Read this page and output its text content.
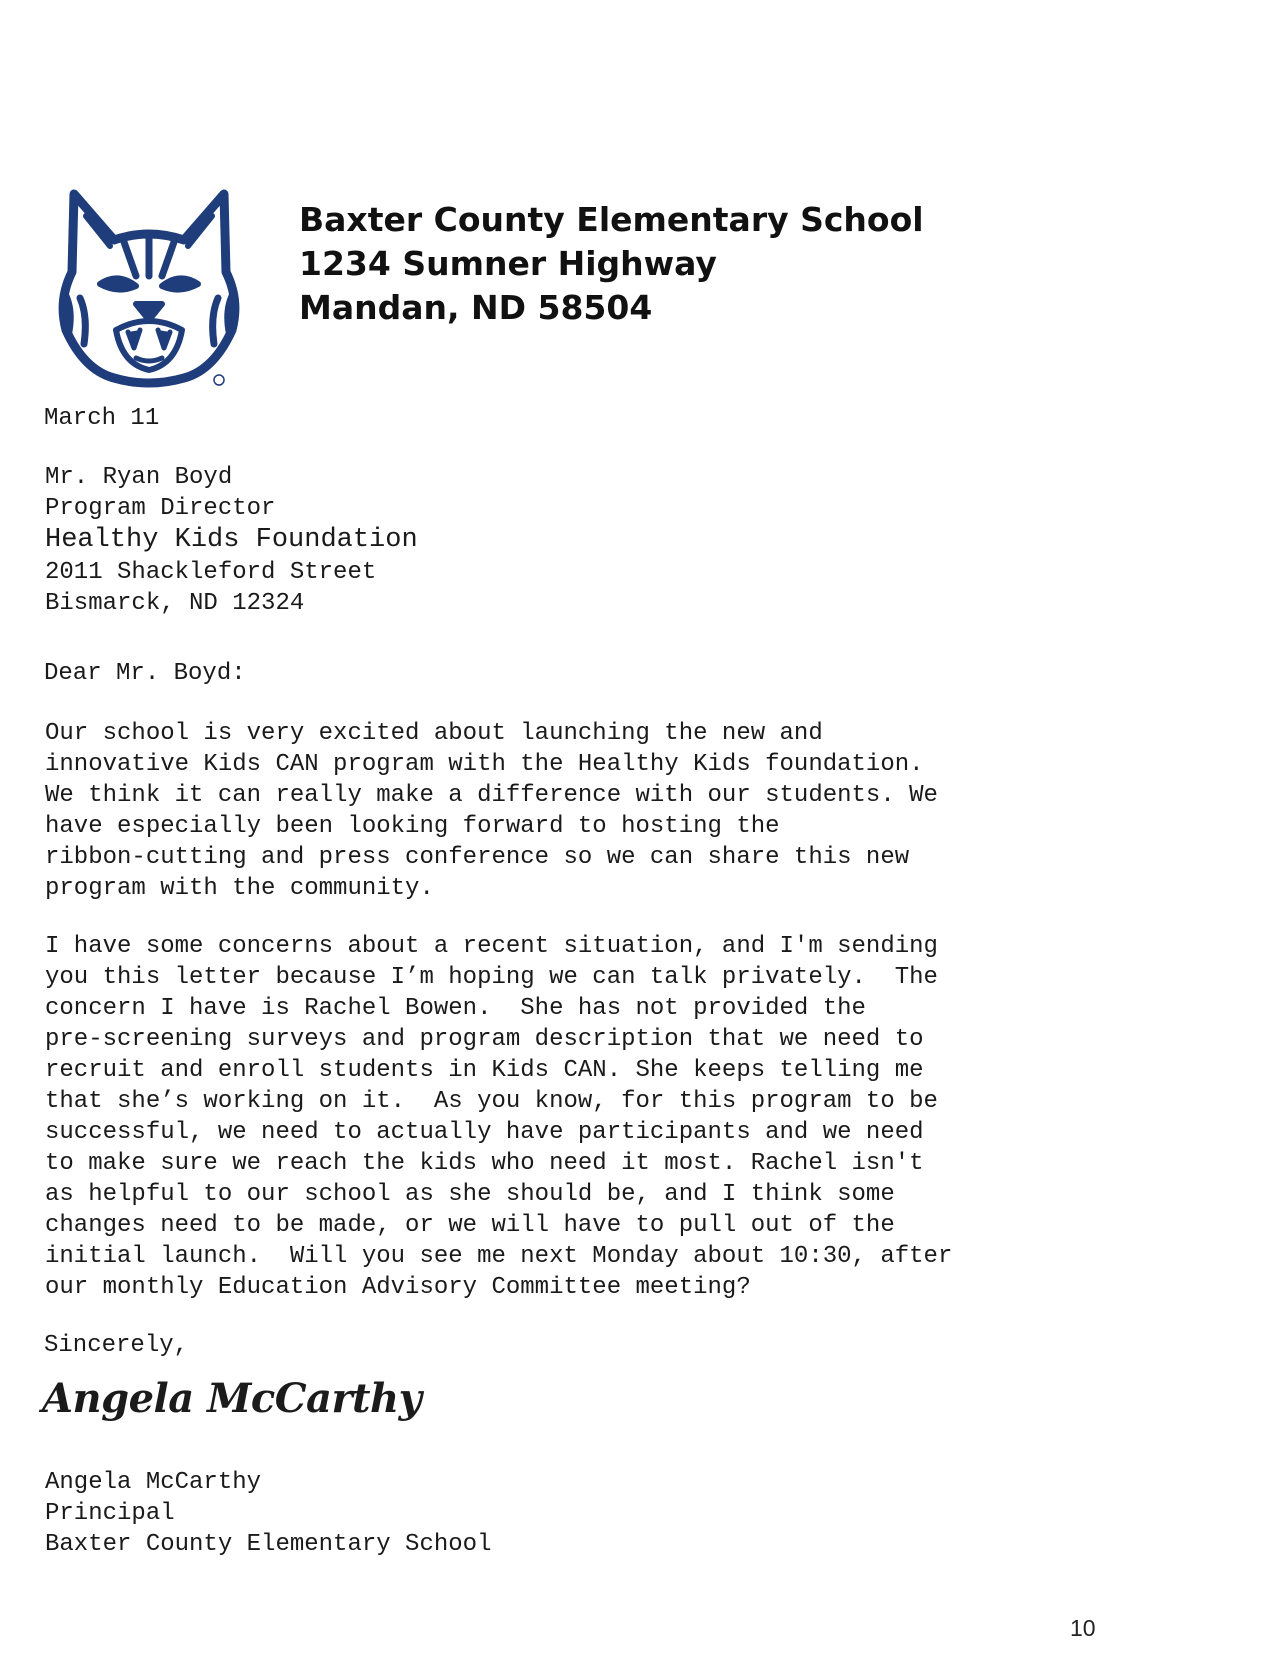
Baxter County Elementary School
1234 Sumner Highway
Mandan, ND 58504
March 11
Mr. Ryan Boyd
Program Director
Healthy Kids Foundation
2011 Shackleford Street
Bismarck, ND 12324
Dear Mr. Boyd:
Our school is very excited about launching the new and
innovative Kids CAN program with the Healthy Kids foundation.
We think it can really make a difference with our students. We
have especially been looking forward to hosting the
ribbon-cutting and press conference so we can share this new
program with the community.
I have some concerns about a recent situation, and I'm sending
you this letter because I’m hoping we can talk privately.  The
concern I have is Rachel Bowen.  She has not provided the
pre-screening surveys and program description that we need to
recruit and enroll students in Kids CAN. She keeps telling me
that she’s working on it.  As you know, for this program to be
successful, we need to actually have participants and we need
to make sure we reach the kids who need it most. Rachel isn't
as helpful to our school as she should be, and I think some
changes need to be made, or we will have to pull out of the
initial launch.  Will you see me next Monday about 10:30, after
our monthly Education Advisory Committee meeting?
Sincerely,
Angela McCarthy
Angela McCarthy
Principal
Baxter County Elementary School
10
